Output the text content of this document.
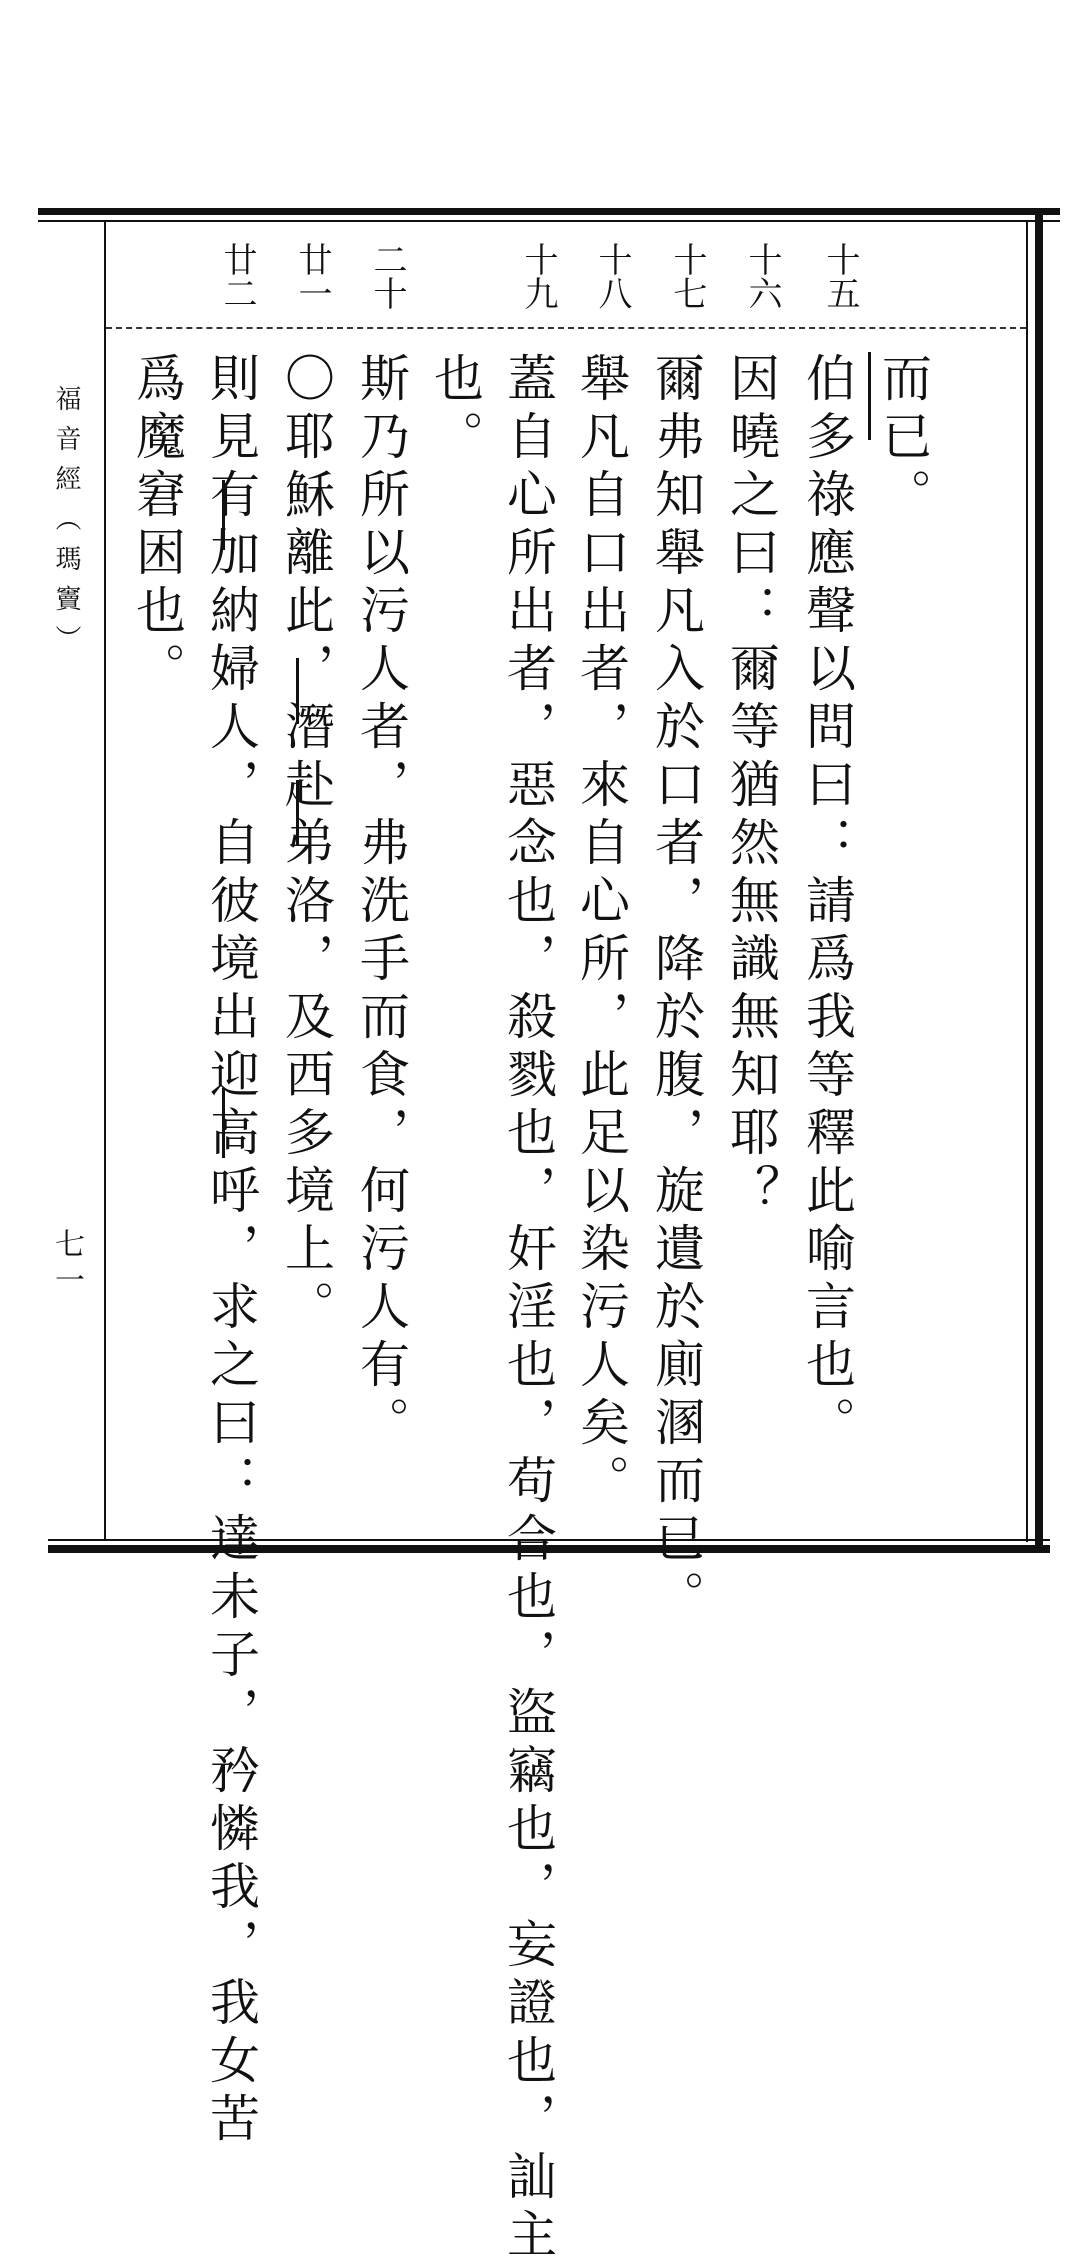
福音經（瑪竇）
七一
十五
十六
十七
十八
十九
二十
廿一
廿二
而已。
伯多祿應聲以問曰：請爲我等釋此喻言也。
因曉之曰：爾等猶然無識無知耶？
爾弗知舉凡入於口者，降於腹，旋遺於廁溷而已。
舉凡自口出者，來自心所，此足以染污人矣。
蓋自心所出者，惡念也，殺戮也，奸淫也，苟合也，盜竊也，妄證也，訕主
也。
斯乃所以污人者，弗洗手而食，何污人有。
〇耶穌離此，潛赴弟洛，及西多境上。
則見有加納婦人，自彼境出迎高呼，求之曰：達未子，矜憐我，我女苦
爲魔窘困也。
